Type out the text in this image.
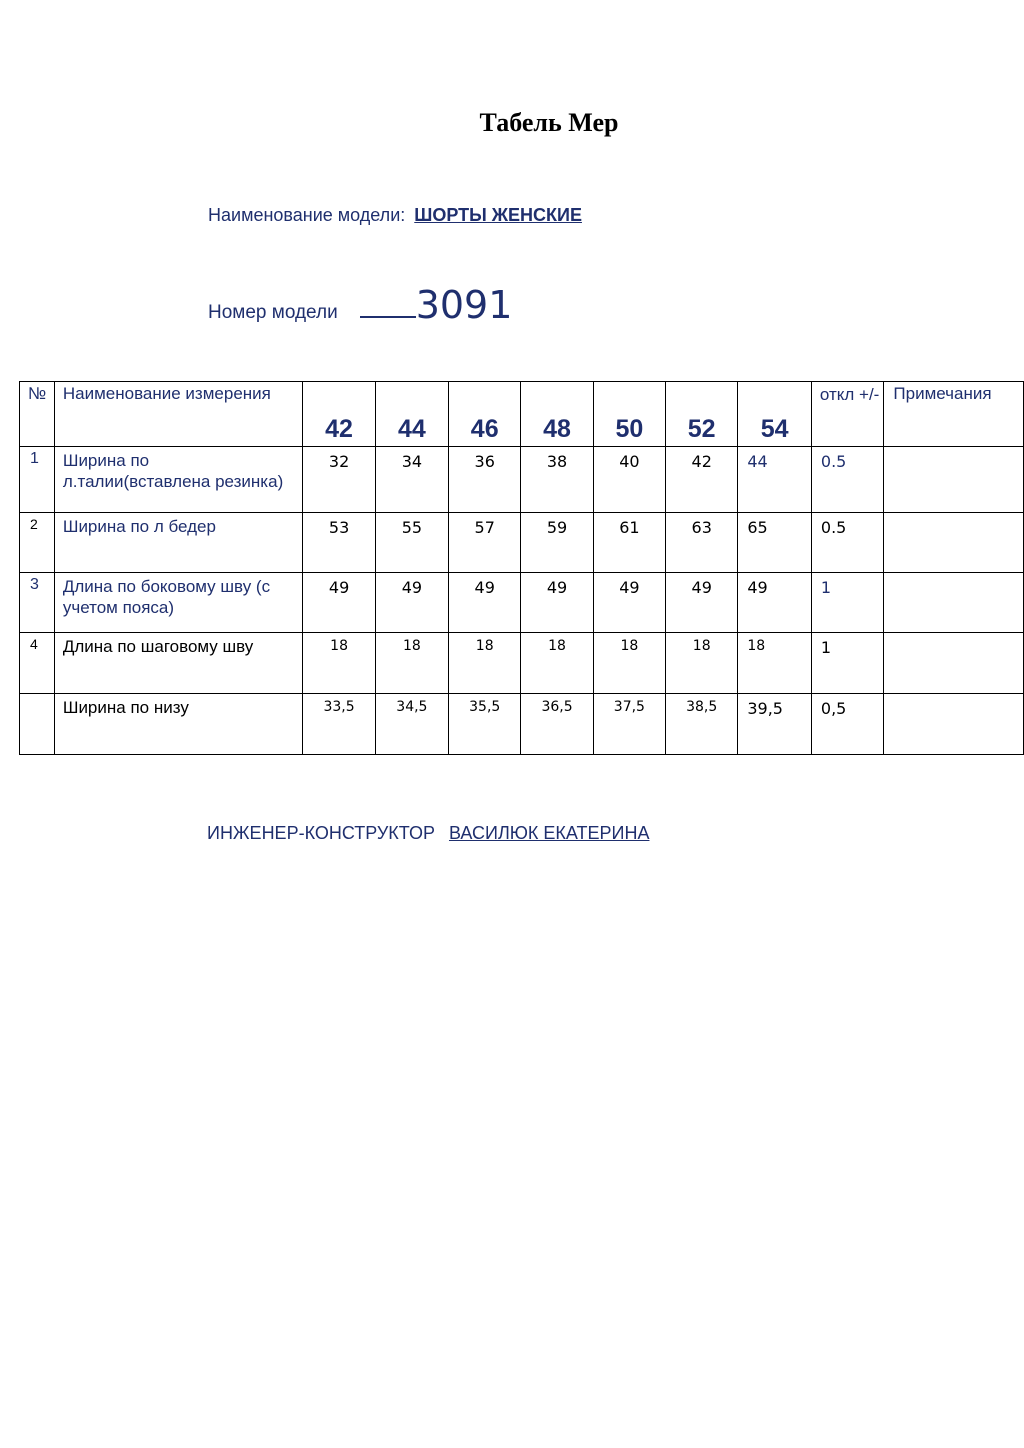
Табель Мер
Наименование модели: ШОРТЫ ЖЕНСКИЕ
Номер модели 3091
№	Наименование измерения	42	44	46	48	50	52	54	откл +/-	Примечания
1	Ширина по л.талии(вставлена резинка)	32	34	36	38	40	42	44	0.5	
2	Ширина по л бедер	53	55	57	59	61	63	65	0.5	
3	Длина по боковому шву (с учетом пояса)	49	49	49	49	49	49	49	1	
4	Длина по шаговому шву	18	18	18	18	18	18	18	1	
	Ширина по низу	33,5	34,5	35,5	36,5	37,5	38,5	39,5	0,5	
ИНЖЕНЕР-КОНСТРУКТОР ВАСИЛЮК ЕКАТЕРИНА
